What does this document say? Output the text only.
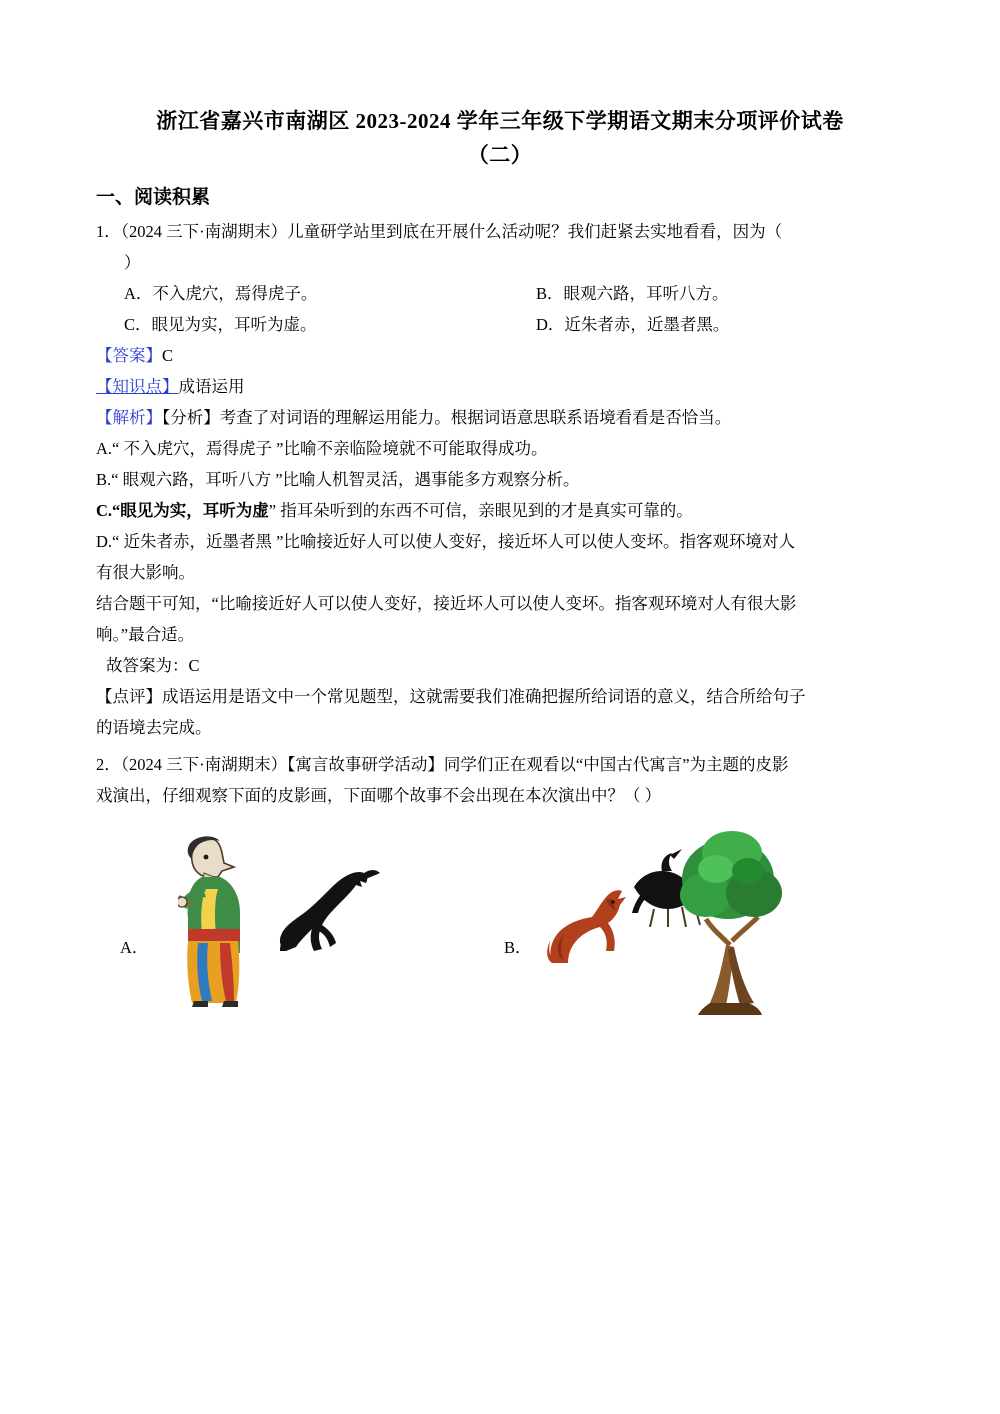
浙江省嘉兴市南湖区 2023-2024 学年三年级下学期语文期末分项评价试卷
（二）
一、阅读积累

1．（2024 三下·南湖期末）儿童研学站里到底在开展什么活动呢？我们赶紧去实地看看，因为（

）

A．不入虎穴，焉得虎子。	B．眼观六路，耳听八方。
C．眼见为实，耳听为虚。	D．近朱者赤，近墨者黑。

【答案】C

【知识点】成语运用

【解析】【分析】考查了对词语的理解运用能力。根据词语意思联系语境看看是否恰当。

A.“ 不入虎穴，焉得虎子 ”比喻不亲临险境就不可能取得成功。

B.“ 眼观六路，耳听八方 ”比喻人机智灵活，遇事能多方观察分析。

C.“眼见为实，耳听为虚” 指耳朵听到的东西不可信，亲眼见到的才是真实可靠的。

D.“ 近朱者赤，近墨者黑 ”比喻接近好人可以使人变好，接近坏人可以使人变坏。指客观环境对人

有很大影响。

结合题干可知，“比喻接近好人可以使人变好，接近坏人可以使人变坏。指客观环境对人有很大影

响。”最合适。

故答案为：C

【点评】成语运用是语文中一个常见题型，这就需要我们准确把握所给词语的意义，结合所给句子

的语境去完成。

2．（2024 三下·南湖期末）【寓言故事研学活动】同学们正在观看以“中国古代寓言”为主题的皮影

戏演出，仔细观察下面的皮影画，下面哪个故事不会出现在本次演出中？（ ）

A．	B．
